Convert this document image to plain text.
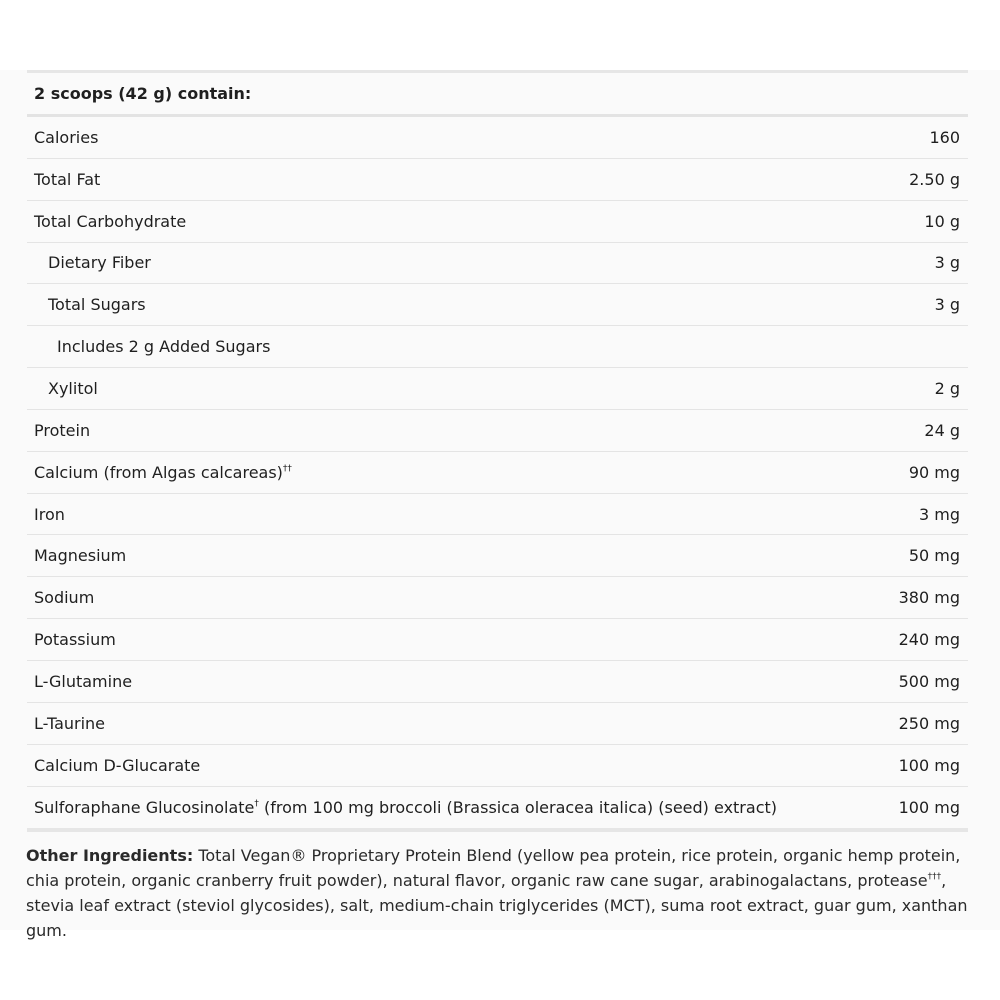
2 scoops (42 g) contain:
Calories	160
Total Fat	2.50 g
Total Carbohydrate	10 g
Dietary Fiber	3 g
Total Sugars	3 g
Includes 2 g Added Sugars
Xylitol	2 g
Protein	24 g
Calcium (from Algas calcareas)††	90 mg
Iron	3 mg
Magnesium	50 mg
Sodium	380 mg
Potassium	240 mg
L-Glutamine	500 mg
L-Taurine	250 mg
Calcium D-Glucarate	100 mg
Sulforaphane Glucosinolate† (from 100 mg broccoli (Brassica oleracea italica) (seed) extract)	100 mg
Other Ingredients: Total Vegan® Proprietary Protein Blend (yellow pea protein, rice protein, organic hemp protein, chia protein, organic cranberry fruit powder), natural flavor, organic raw cane sugar, arabinogalactans, protease†††, stevia leaf extract (steviol glycosides), salt, medium-chain triglycerides (MCT), suma root extract, guar gum, xanthan gum.
